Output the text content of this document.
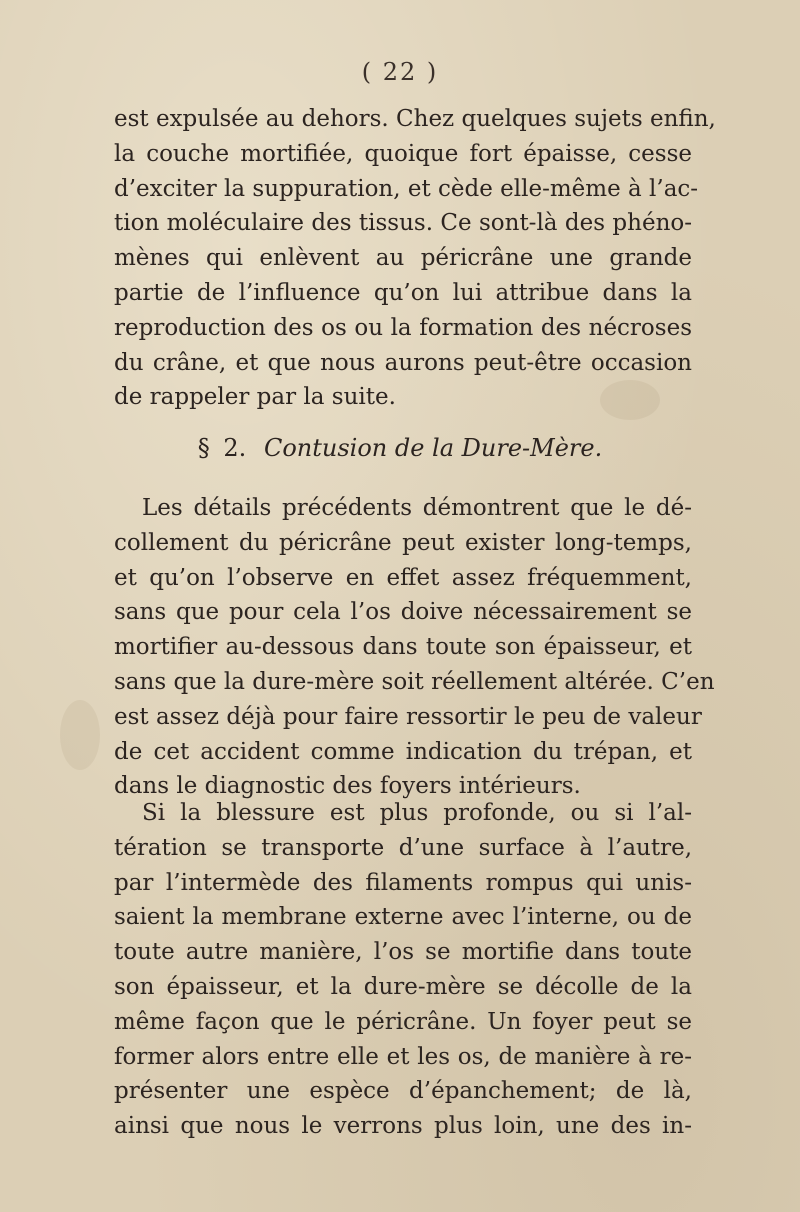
( 22 )
est expulsée au dehors. Chez quelques sujets enfin,
la couche mortifiée, quoique fort épaisse, cesse
d’exciter la suppuration, et cède elle-même à l’ac-
tion moléculaire des tissus. Ce sont-là des phéno-
mènes qui enlèvent au péricrâne une grande
partie de l’influence qu’on lui attribue dans la
reproduction des os ou la formation des nécroses
du crâne, et que nous aurons peut-être occasion
de rappeler par la suite.
§ 2. Contusion de la Dure-Mère.
Les détails précédents démontrent que le dé-
collement du péricrâne peut exister long-temps,
et qu’on l’observe en effet assez fréquemment,
sans que pour cela l’os doive nécessairement se
mortifier au-dessous dans toute son épaisseur, et
sans que la dure-mère soit réellement altérée. C’en
est assez déjà pour faire ressortir le peu de valeur
de cet accident comme indication du trépan, et
dans le diagnostic des foyers intérieurs.
Si la blessure est plus profonde, ou si l’al-
tération se transporte d’une surface à l’autre,
par l’intermède des filaments rompus qui unis-
saient la membrane externe avec l’interne, ou de
toute autre manière, l’os se mortifie dans toute
son épaisseur, et la dure-mère se décolle de la
même façon que le péricrâne. Un foyer peut se
former alors entre elle et les os, de manière à re-
présenter une espèce d’épanchement; de là,
ainsi que nous le verrons plus loin, une des in-
